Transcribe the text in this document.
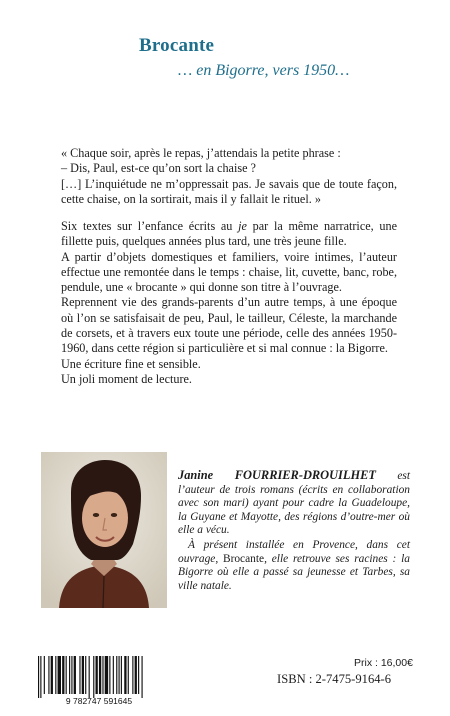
Brocante
… en Bigorre, vers 1950…

« Chaque soir, après le repas, j’attendais la petite phrase :

– Dis, Paul, est-ce qu’on sort la chaise ?

[…] L’inquiétude ne m’oppressait pas. Je savais que de toute façon, cette chaise, on la sortirait, mais il y fallait le rituel. »

Six textes sur l’enfance écrits au je par la même narratrice, une fillette puis, quelques années plus tard, une très jeune fille.

A partir d’objets domestiques et familiers, voire intimes, l’auteur effectue une remontée dans le temps : chaise, lit, cuvette, banc, robe, pendule, une « brocante » qui donne son titre à l’ouvrage.

Reprennent vie des grands-parents d’un autre temps, à une époque où l’on se satisfaisait de peu, Paul, le tailleur, Céleste, la marchande de corsets, et à travers eux toute une période, celle des années 1950-1960, dans cette région si particulière et si mal connue : la Bigorre.

Une écriture fine et sensible.

Un joli moment de lecture.

Janine FOURRIER-DROUILHET est l’auteur de trois romans (écrits en collaboration avec son mari) ayant pour cadre la Guadeloupe, la Guyane et Mayotte, des régions d’outre-mer où elle a vécu.

À présent installée en Provence, dans cet ouvrage, Brocante, elle retrouve ses racines : la Bigorre où elle a passé sa jeunesse et Tarbes, sa ville natale.

9 782747 591645
Prix : 16,00€
ISBN : 2-7475-9164-6
